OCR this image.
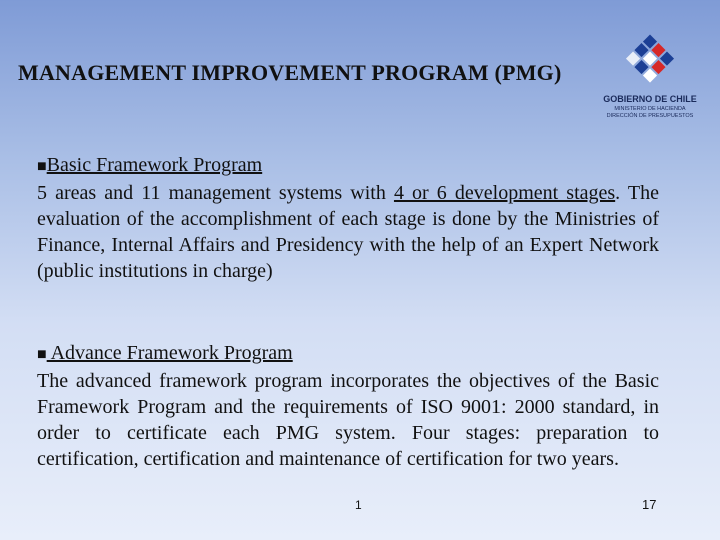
MANAGEMENT IMPROVEMENT PROGRAM (PMG)
GOBIERNO DE CHILE
MINISTERIO DE HACIENDA
DIRECCIÓN DE PRESUPUESTOS
■Basic Framework Program
5 areas and 11 management systems with 4 or 6 development stages. The evaluation of the accomplishment of each stage is done by the Ministries of Finance, Internal Affairs and Presidency with the help of an Expert Network (public institutions in charge)
■ Advance Framework Program
The advanced framework program incorporates the objectives of the Basic Framework Program and the requirements of ISO 9001: 2000 standard, in order to certificate each PMG system. Four stages: preparation to certification, certification and maintenance of certification for two years.
1	17
